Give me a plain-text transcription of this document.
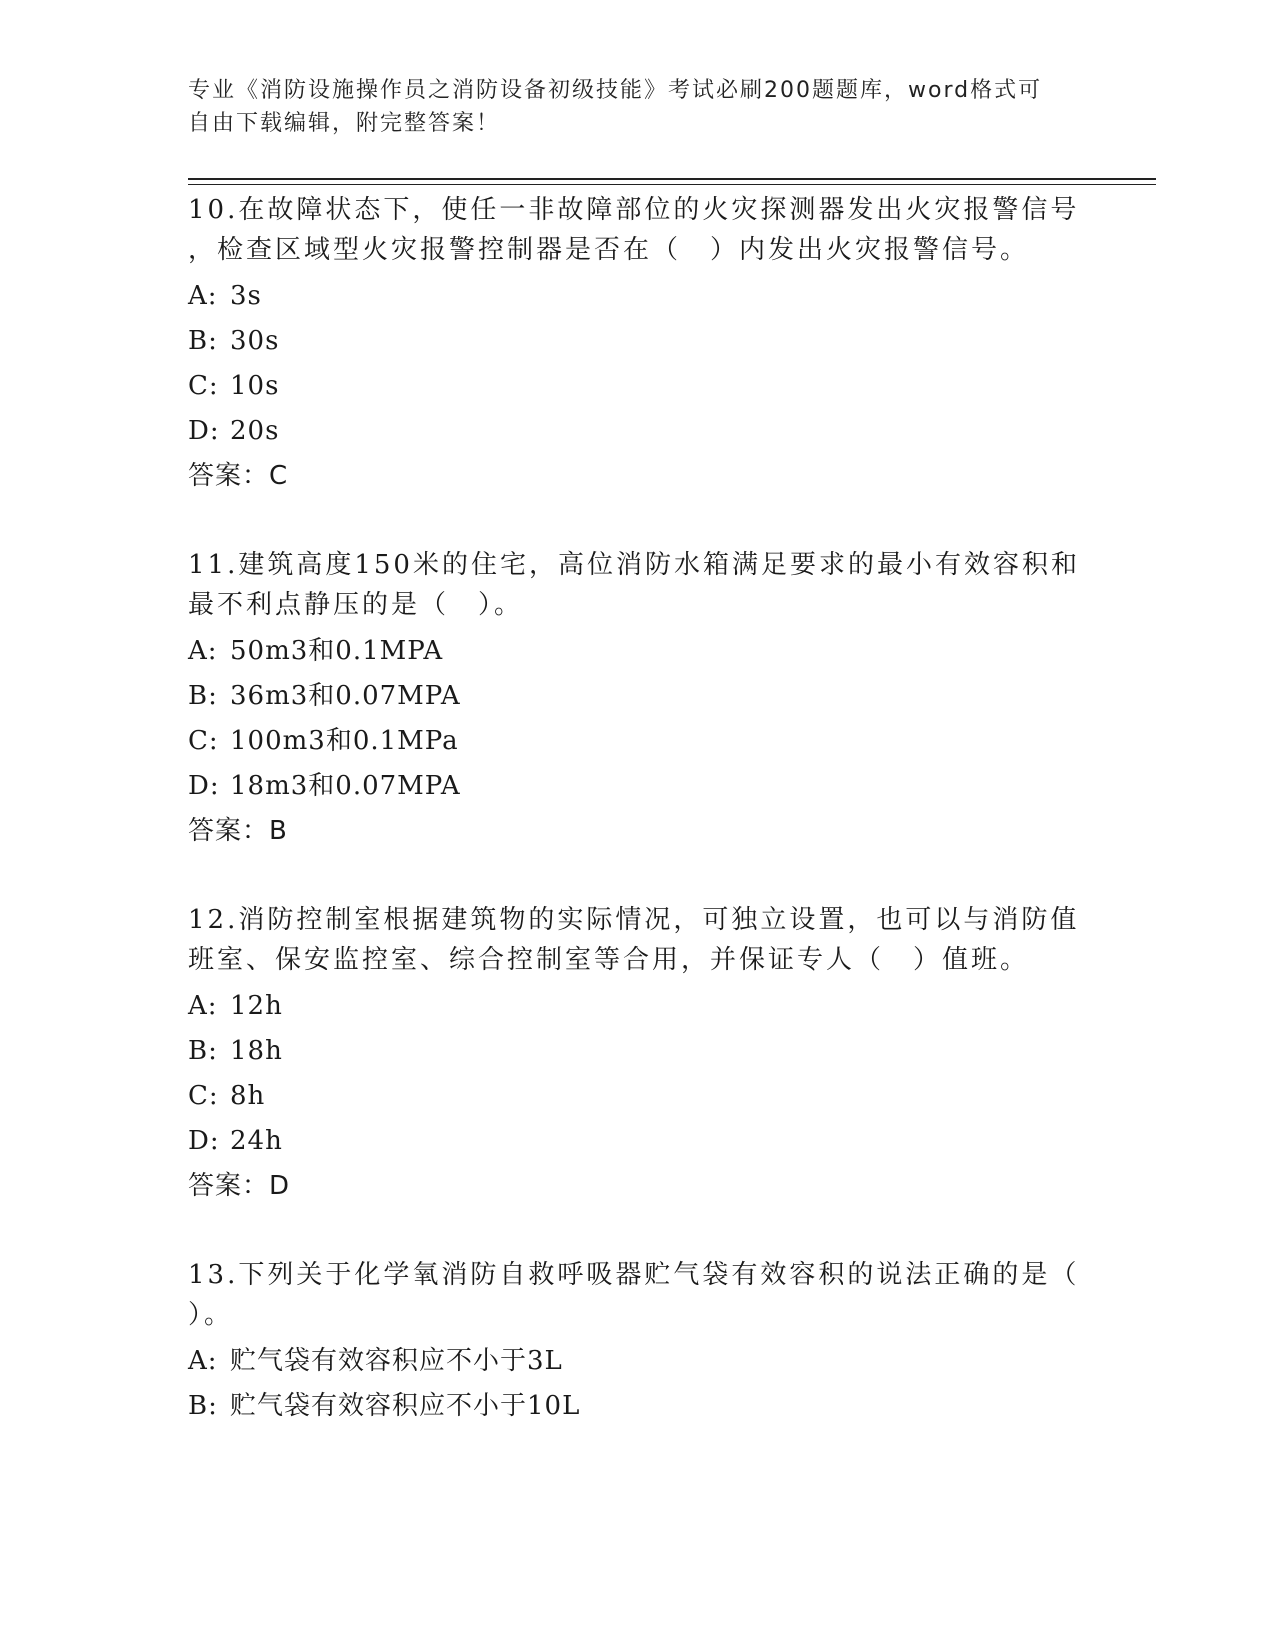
专业《消防设施操作员之消防设备初级技能》考试必刷200题题库，word格式可
自由下载编辑，附完整答案！
10.在故障状态下，使任一非故障部位的火灾探测器发出火灾报警信号
，检查区域型火灾报警控制器是否在（　）内发出火灾报警信号。
A: 3s
B: 30s
C: 10s
D: 20s
答案：C
11.建筑高度150米的住宅，高位消防水箱满足要求的最小有效容积和
最不利点静压的是（　）。
A: 50m3和0.1MPA
B: 36m3和0.07MPA
C: 100m3和0.1MPa
D: 18m3和0.07MPA
答案：B
12.消防控制室根据建筑物的实际情况，可独立设置，也可以与消防值
班室、保安监控室、综合控制室等合用，并保证专人（　）值班。
A: 12h
B: 18h
C: 8h
D: 24h
答案：D
13.下列关于化学氧消防自救呼吸器贮气袋有效容积的说法正确的是（
）。
A: 贮气袋有效容积应不小于3L
B: 贮气袋有效容积应不小于10L
